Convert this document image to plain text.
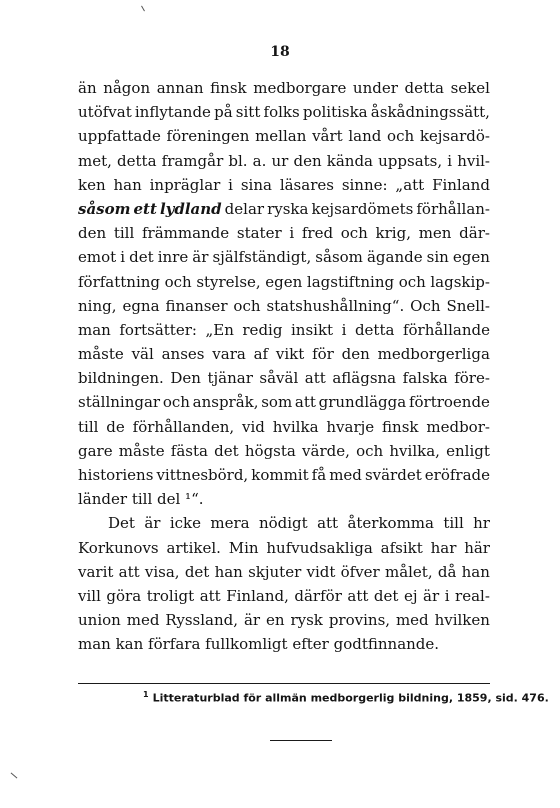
18
än någon annan finsk medborgare under detta sekel
utöfvat inflytande på sitt folks politiska åskådningssätt,
uppfattade föreningen mellan vårt land och kejsardö-
met, detta framgår bl. a. ur den kända uppsats, i hvil-
ken han inpräglar i sina läsares sinne: „att Finland
såsom ett lydland delar ryska kejsardömets förhållan-
den till främmande stater i fred och krig, men där-
emot i det inre är själfständigt, såsom ägande sin egen
författning och styrelse, egen lagstiftning och lagskip-
ning, egna finanser och statshushållning“. Och Snell-
man fortsätter: „En redig insikt i detta förhållande
måste väl anses vara af vikt för den medborgerliga
bildningen. Den tjänar såväl att aflägsna falska före-
ställningar och anspråk, som att grundlägga förtroende
till de förhållanden, vid hvilka hvarje finsk medbor-
gare måste fästa det högsta värde, och hvilka, enligt
historiens vittnesbörd, kommit få med svärdet eröfrade
länder till del ¹“.
Det är icke mera nödigt att återkomma till hr
Korkunovs artikel. Min hufvudsakliga afsikt har här
varit att visa, det han skjuter vidt öfver målet, då han
vill göra troligt att Finland, därför att det ej är i real-
union med Ryssland, är en rysk provins, med hvilken
man kan förfara fullkomligt efter godtfinnande.
$^1$ Litteraturblad för allmän medborgerlig bildning, 1859, sid. 476.
